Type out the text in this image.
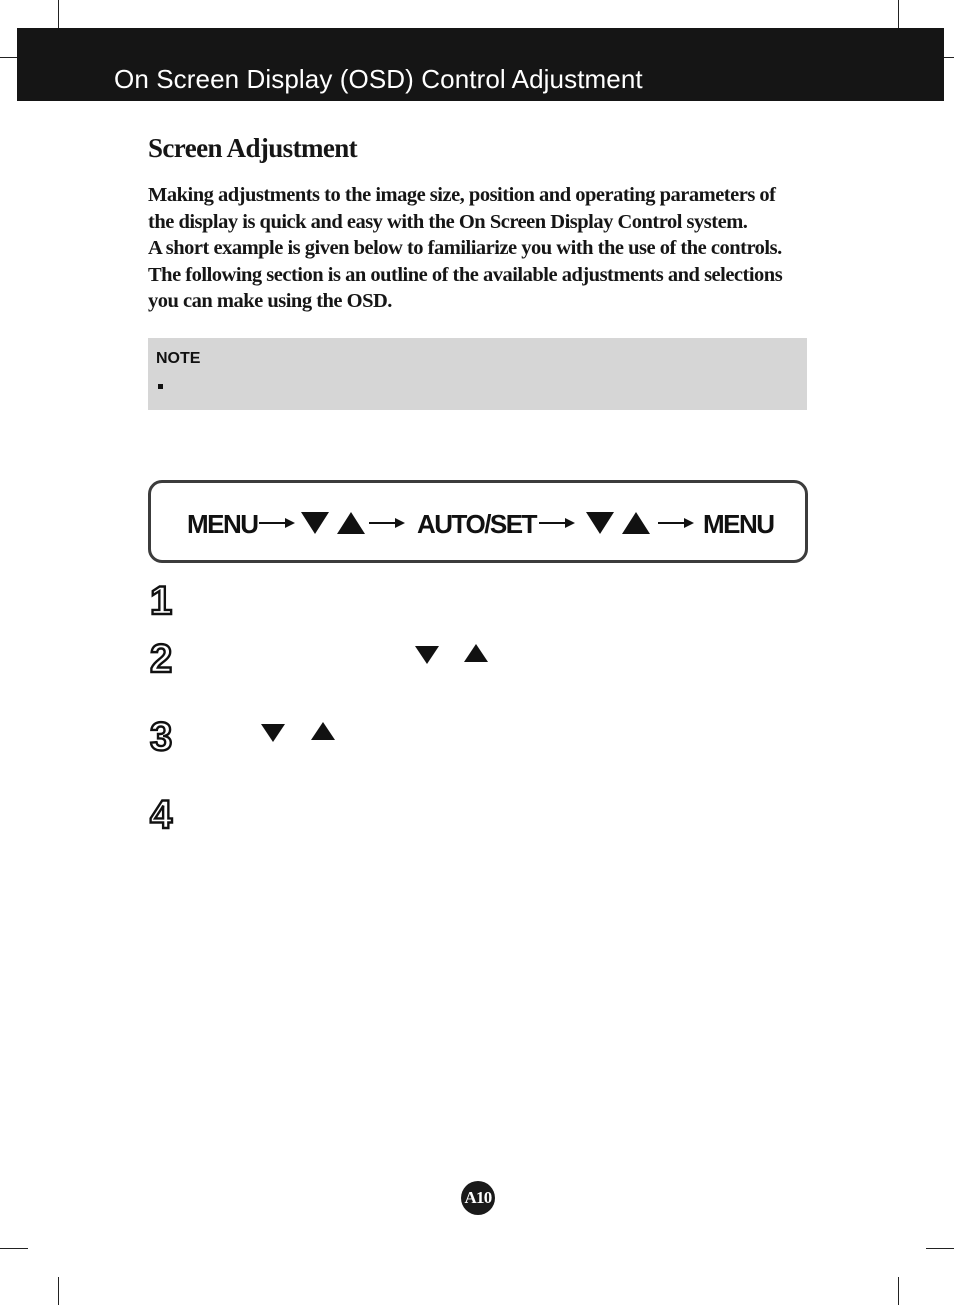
On Screen Display (OSD) Control Adjustment
Screen Adjustment
Making adjustments to the image size, position and operating parameters of
the display is quick and easy with the On Screen Display Control system.
A short example is given below to familiarize you with the use of the controls.
The following section is an outline of the available adjustments and selections
you can make using the OSD.
NOTE
MENU	AUTO/SET	MENU
1
2
3
4
A10
